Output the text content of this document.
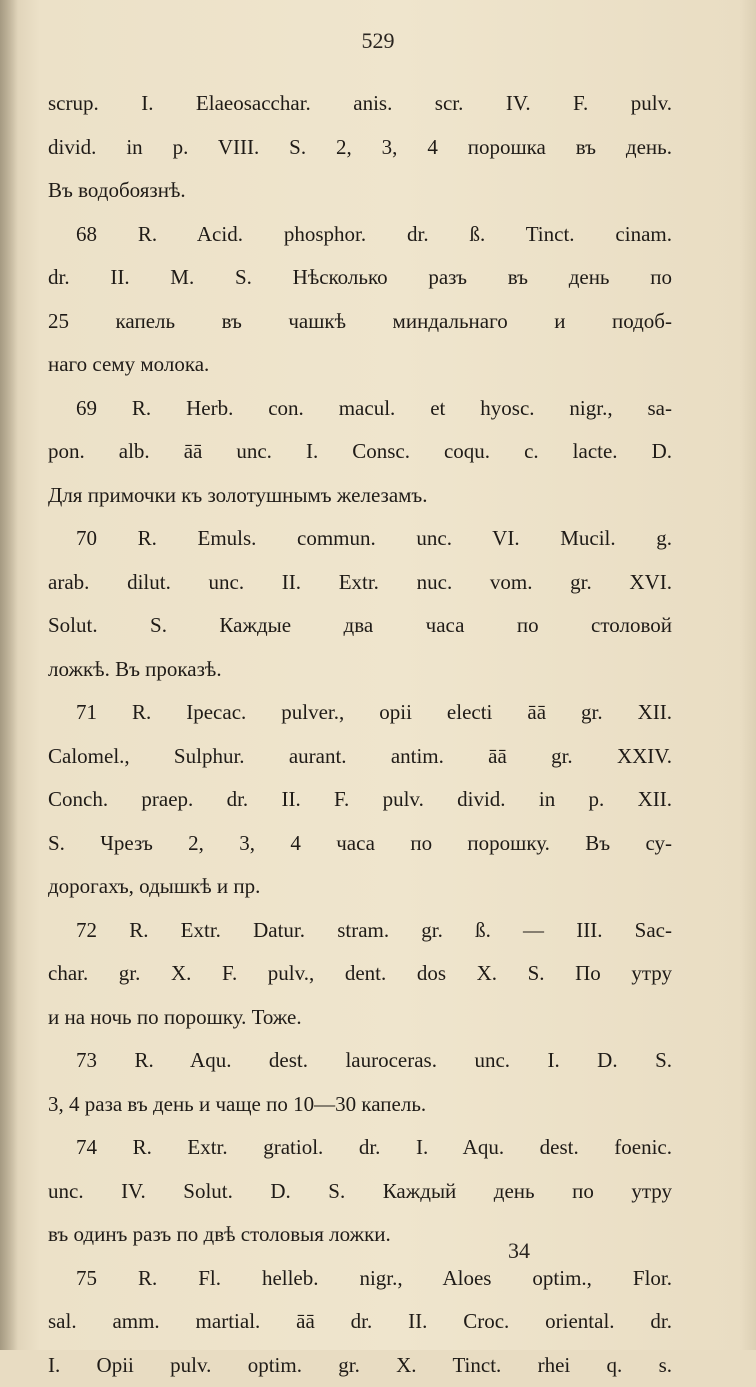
529
scrup. I. Elaeosacchar. anis. scr. IV. F. pulv.
divid. in p. VIII. S. 2, 3, 4 порошка въ день.
Въ водобоязнѣ.
68 R. Acid. phosphor. dr. ß. Tinct. cinam.
dr. II. M. S. Нѣсколько разъ въ день по
25 капель въ чашкѣ миндальнаго и подоб-
наго сему молока.
69 R. Herb. con. macul. et hyosc. nigr., sa-
pon. alb. āā unc. I. Consc. coqu. c. lacte. D.
Для примочки къ золотушнымъ железамъ.
70 R. Emuls. commun. unc. VI. Mucil. g.
arab. dilut. unc. II. Extr. nuc. vom. gr. XVI.
Solut. S. Каждые два часа по столовой
ложкѣ. Въ проказѣ.
71 R. Ipecac. pulver., opii electi āā gr. XII.
Calomel., Sulphur. aurant. antim. āā gr. XXIV.
Conch. praep. dr. II. F. pulv. divid. in p. XII.
S. Чрезъ 2, 3, 4 часа по порошку. Въ су-
дорогахъ, одышкѣ и пр.
72 R. Extr. Datur. stram. gr. ß. — III. Sac-
char. gr. X. F. pulv., dent. dos X. S. По утру
и на ночь по порошку. Тоже.
73 R. Aqu. dest. lauroceras. unc. I. D. S.
3, 4 раза въ день и чаще по 10—30 капель.
74 R. Extr. gratiol. dr. I. Aqu. dest. foenic.
unc. IV. Solut. D. S. Каждый день по утру
въ одинъ разъ по двѣ столовыя ложки.
75 R. Fl. helleb. nigr., Aloes optim., Flor.
sal. amm. martial. āā dr. II. Croc. oriental. dr.
I. Opii pulv. optim. gr. X. Tinct. rhei q. s.
34
